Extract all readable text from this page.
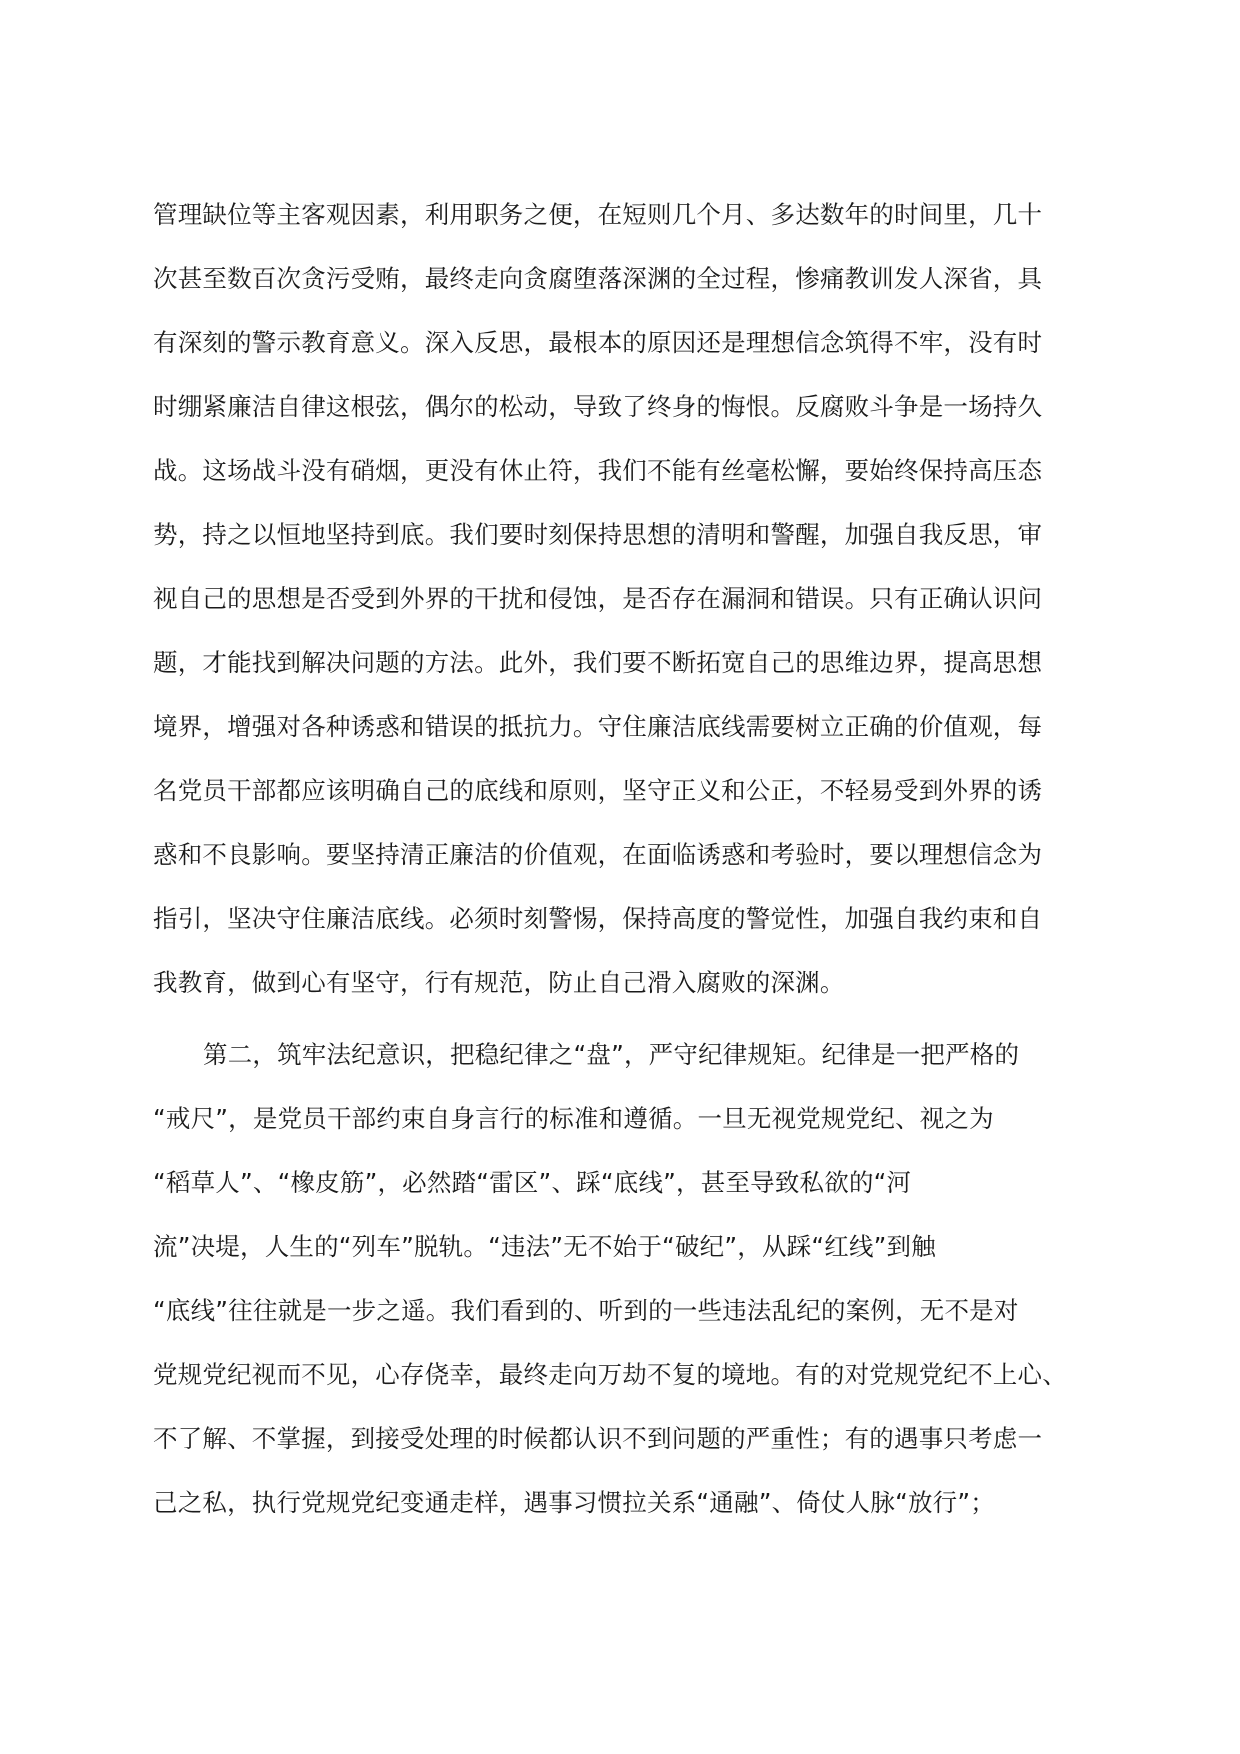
管理缺位等主客观因素，利用职务之便，在短则几个月、多达数年的时间里，几十
次甚至数百次贪污受贿，最终走向贪腐堕落深渊的全过程，惨痛教训发人深省，具
有深刻的警示教育意义。深入反思，最根本的原因还是理想信念筑得不牢，没有时
时绷紧廉洁自律这根弦，偶尔的松动，导致了终身的悔恨。反腐败斗争是一场持久
战。这场战斗没有硝烟，更没有休止符，我们不能有丝毫松懈，要始终保持高压态
势，持之以恒地坚持到底。我们要时刻保持思想的清明和警醒，加强自我反思，审
视自己的思想是否受到外界的干扰和侵蚀，是否存在漏洞和错误。只有正确认识问
题，才能找到解决问题的方法。此外，我们要不断拓宽自己的思维边界，提高思想
境界，增强对各种诱惑和错误的抵抗力。守住廉洁底线需要树立正确的价值观，每
名党员干部都应该明确自己的底线和原则，坚守正义和公正，不轻易受到外界的诱
惑和不良影响。要坚持清正廉洁的价值观，在面临诱惑和考验时，要以理想信念为
指引，坚决守住廉洁底线。必须时刻警惕，保持高度的警觉性，加强自我约束和自
我教育，做到心有坚守，行有规范，防止自己滑入腐败的深渊。
第二，筑牢法纪意识，把稳纪律之“盘”，严守纪律规矩。纪律是一把严格的
“戒尺”，是党员干部约束自身言行的标准和遵循。一旦无视党规党纪、视之为
“稻草人”、“橡皮筋”，必然踏“雷区”、踩“底线”，甚至导致私欲的“河
流”决堤，人生的“列车”脱轨。“违法”无不始于“破纪”，从踩“红线”到触
“底线”往往就是一步之遥。我们看到的、听到的一些违法乱纪的案例，无不是对
党规党纪视而不见，心存侥幸，最终走向万劫不复的境地。有的对党规党纪不上心、
不了解、不掌握，到接受处理的时候都认识不到问题的严重性；有的遇事只考虑一
己之私，执行党规党纪变通走样，遇事习惯拉关系“通融”、倚仗人脉“放行”；
